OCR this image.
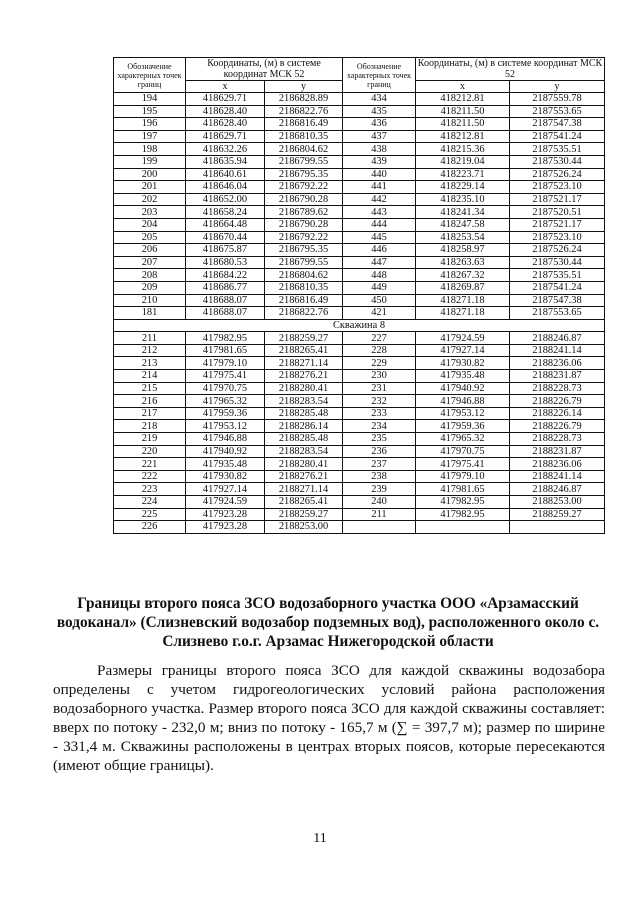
Обозначение характерных точек границ	Координаты, (м) в системе координат МСК 52		Обозначение характерных точек границ	Координаты, (м) в системе координат МСК 52	
	x	y		x	y
194	418629.71	2186828.89	434	418212.81	2187559.78
195	418628.40	2186822.76	435	418211.50	2187553.65
196	418628.40	2186816.49	436	418211.50	2187547.38
197	418629.71	2186810.35	437	418212.81	2187541.24
198	418632.26	2186804.62	438	418215.36	2187535.51
199	418635.94	2186799.55	439	418219.04	2187530.44
200	418640.61	2186795.35	440	418223.71	2187526.24
201	418646.04	2186792.22	441	418229.14	2187523.10
202	418652.00	2186790.28	442	418235.10	2187521.17
203	418658.24	2186789.62	443	418241.34	2187520.51
204	418664.48	2186790.28	444	418247.58	2187521.17
205	418670.44	2186792.22	445	418253.54	2187523.10
206	418675.87	2186795.35	446	418258.97	2187526.24
207	418680.53	2186799.55	447	418263.63	2187530.44
208	418684.22	2186804.62	448	418267.32	2187535.51
209	418686.77	2186810.35	449	418269.87	2187541.24
210	418688.07	2186816.49	450	418271.18	2187547.38
181	418688.07	2186822.76	421	418271.18	2187553.65
Скважина 8					
211	417982.95	2188259.27	227	417924.59	2188246.87
212	417981.65	2188265.41	228	417927.14	2188241.14
213	417979.10	2188271.14	229	417930.82	2188236.06
214	417975.41	2188276.21	230	417935.48	2188231.87
215	417970.75	2188280.41	231	417940.92	2188228.73
216	417965.32	2188283.54	232	417946.88	2188226.79
217	417959.36	2188285.48	233	417953.12	2188226.14
218	417953.12	2188286.14	234	417959.36	2188226.79
219	417946.88	2188285.48	235	417965.32	2188228.73
220	417940.92	2188283.54	236	417970.75	2188231.87
221	417935.48	2188280.41	237	417975.41	2188236.06
222	417930.82	2188276.21	238	417979.10	2188241.14
223	417927.14	2188271.14	239	417981.65	2188246.87
224	417924.59	2188265.41	240	417982.95	2188253.00
225	417923.28	2188259.27	211	417982.95	2188259.27
226	417923.28	2188253.00			

Границы второго пояса ЗСО водозаборного участка ООО «Арзамасский водоканал» (Слизневский водозабор подземных вод), расположенного около с. Слизнево г.о.г. Арзамас Нижегородской области

Размеры границы второго пояса ЗСО для каждой скважины водозабора определены с учетом гидрогеологических условий района расположения водозаборного участка. Размер второго пояса ЗСО для каждой скважины составляет: вверх по потоку - 232,0 м; вниз по потоку - 165,7 м (∑ = 397,7 м); размер по ширине - 331,4 м. Скважины расположены в центрах вторых поясов, которые пересекаются (имеют общие границы).

11
